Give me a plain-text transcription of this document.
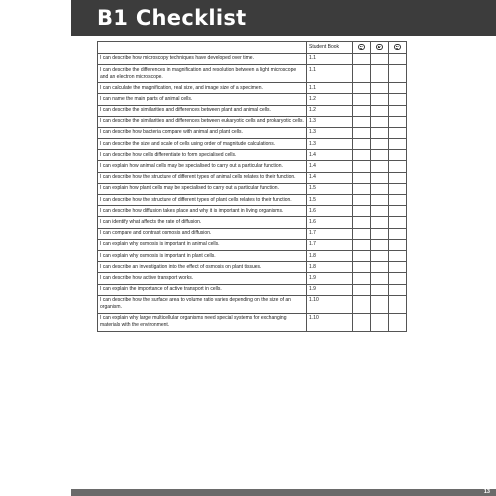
B1 Checklist
	Student Book			
I can describe how microscopy techniques have developed over time.	1.1			
I can describe the differences in magnification and resolution between a light microscope and an electron microscope.	1.1			
I can calculate the magnification, real size, and image size of a specimen.	1.1			
I can name the main parts of animal cells.	1.2			
I can describe the similarities and differences between plant and animal cells.	1.2			
I can describe the similarities and differences between eukaryotic cells and prokaryotic cells.	1.3			
I can describe how bacteria compare with animal and plant cells.	1.3			
I can describe the size and scale of cells using order of magnitude calculations.	1.3			
I can describe how cells differentiate to form specialised cells.	1.4			
I can explain how animal cells may be specialised to carry out a particular function.	1.4			
I can describe how the structure of different types of animal cells relates to their function.	1.4			
I can explain how plant cells may be specialised to carry out a particular function.	1.5			
I can describe how the structure of different types of plant cells relates to their function.	1.5			
I can describe how diffusion takes place and why it is important in living organisms.	1.6			
I can identify what affects the rate of diffusion.	1.6			
I can compare and contrast osmosis and diffusion.	1.7			
I can explain why osmosis is important in animal cells.	1.7			
I can explain why osmosis is important in plant cells.	1.8			
I can describe an investigation into the effect of osmosis on plant tissues.	1.8			
I can describe how active transport works.	1.9			
I can explain the importance of active transport in cells.	1.9			
I can describe how the surface area to volume ratio varies depending on the size of an organism.	1.10			
I can explain why large multicellular organisms need special systems for exchanging materials with the environment.	1.10			
13
